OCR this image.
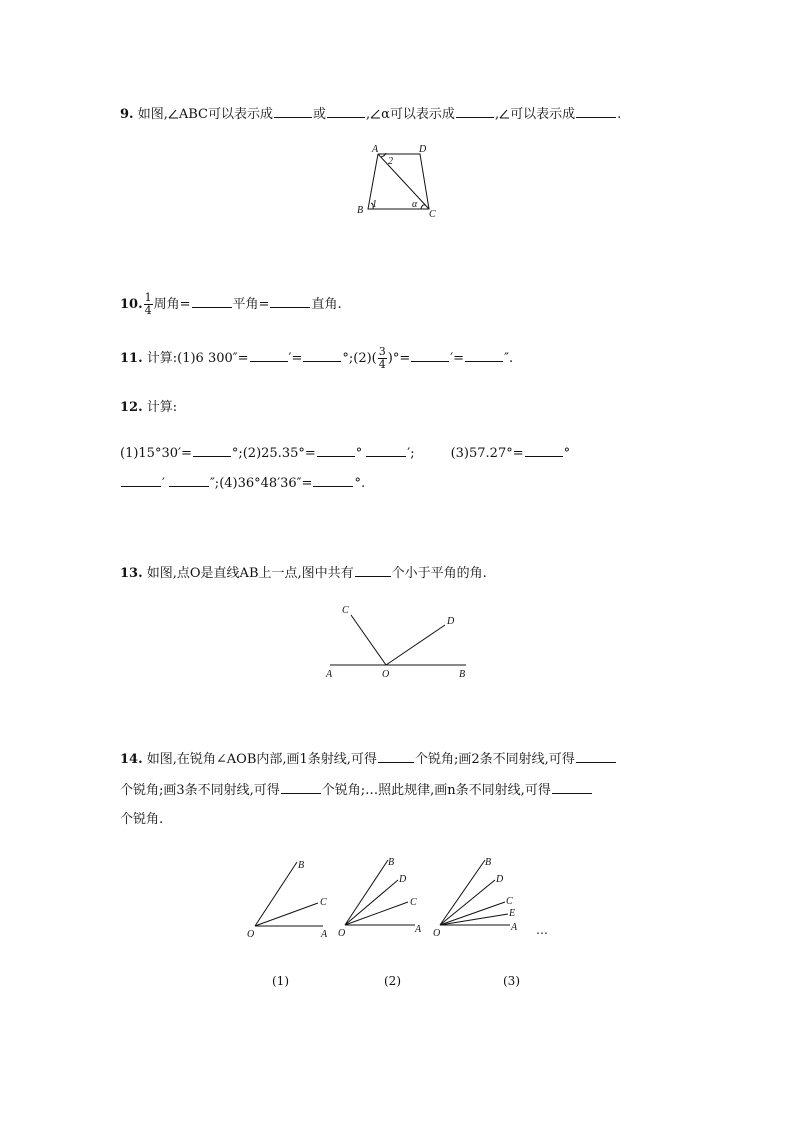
9. 如图, ABC可以表示成	或	, α可以表示成	, 可以表示成	.
A	D
B	C
1
2
α
10. $\frac{1}{4}$ 周角=	平角=	直角.
11. 计算:(1)6 300″=	′=	°;(2)( $\frac{3}{4}$ )°=	′=	″.
12. 计算:
(1)15°30′=	°;(2)25.35°=	°	′;	(3)57.27°=	°
′	″;(4)36°48′36″=	°.
13. 如图,点O是直线AB上一点,图中共有	个小于平角的角.
C
D
A	O	B
14. 如图,在锐角∠AOB内部,画1条射线,可得	个锐角;画2条不同射线,可得
个锐角;画3条不同射线,可得	个锐角;…照此规律,画n条不同射线,可得
个锐角.
B
C
O	A
B
D
C
O	A
B
D
C
E
O
A …
(1)	(2)	(3)
